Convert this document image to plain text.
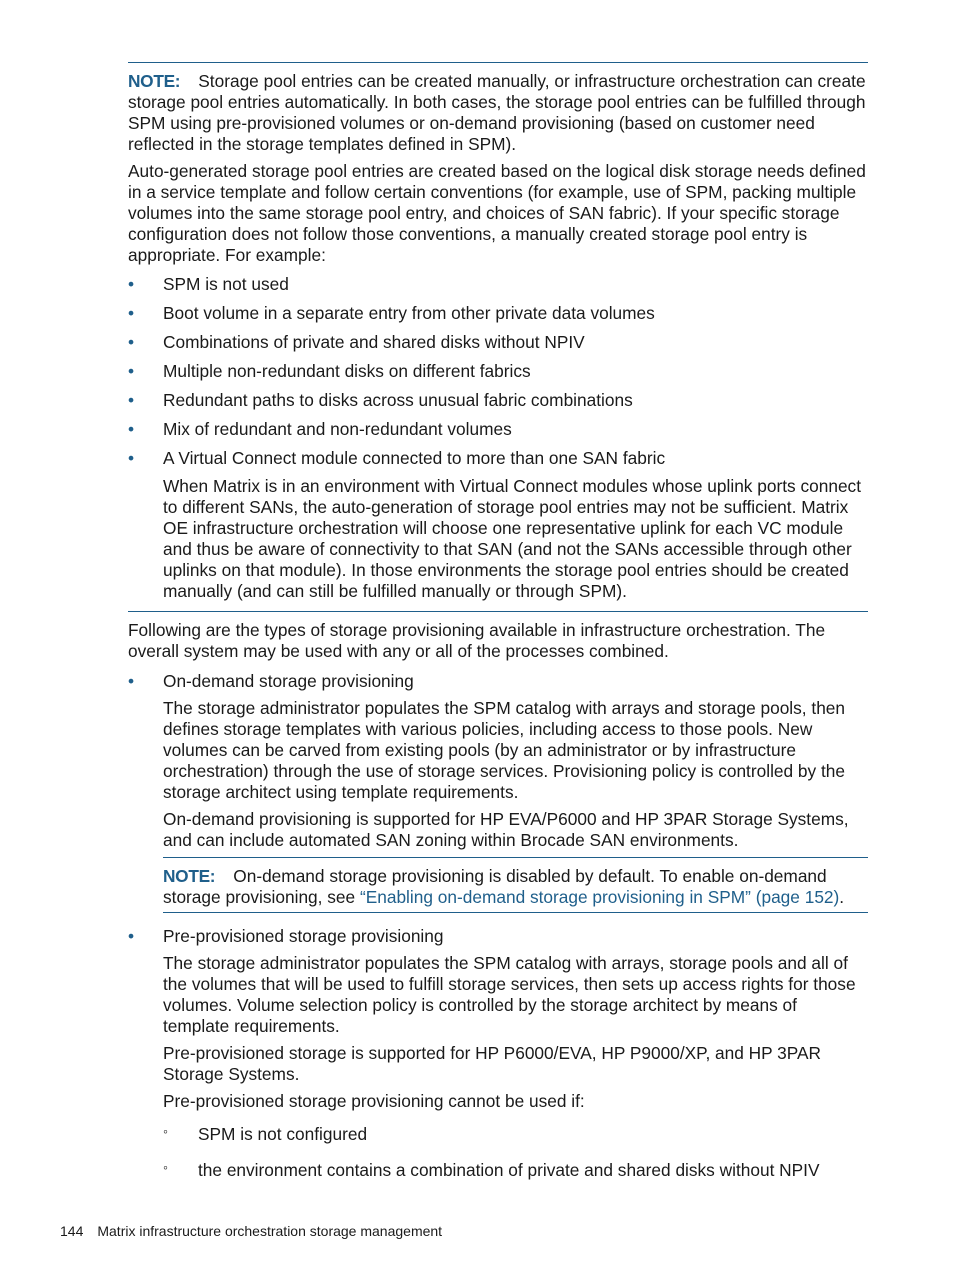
NOTE: Storage pool entries can be created manually, or infrastructure orchestration can create storage pool entries automatically. In both cases, the storage pool entries can be fulfilled through SPM using pre-provisioned volumes or on-demand provisioning (based on customer need reflected in the storage templates defined in SPM).

Auto-generated storage pool entries are created based on the logical disk storage needs defined in a service template and follow certain conventions (for example, use of SPM, packing multiple volumes into the same storage pool entry, and choices of SAN fabric). If your specific storage configuration does not follow those conventions, a manually created storage pool entry is appropriate. For example:

• SPM is not used
• Boot volume in a separate entry from other private data volumes
• Combinations of private and shared disks without NPIV
• Multiple non-redundant disks on different fabrics
• Redundant paths to disks across unusual fabric combinations
• Mix of redundant and non-redundant volumes
• A Virtual Connect module connected to more than one SAN fabric

When Matrix is in an environment with Virtual Connect modules whose uplink ports connect to different SANs, the auto-generation of storage pool entries may not be sufficient. Matrix OE infrastructure orchestration will choose one representative uplink for each VC module and thus be aware of connectivity to that SAN (and not the SANs accessible through other uplinks on that module). In those environments the storage pool entries should be created manually (and can still be fulfilled manually or through SPM).

Following are the types of storage provisioning available in infrastructure orchestration. The overall system may be used with any or all of the processes combined.

• On-demand storage provisioning

The storage administrator populates the SPM catalog with arrays and storage pools, then defines storage templates with various policies, including access to those pools. New volumes can be carved from existing pools (by an administrator or by infrastructure orchestration) through the use of storage services. Provisioning policy is controlled by the storage architect using template requirements.

On-demand provisioning is supported for HP EVA/P6000 and HP 3PAR Storage Systems, and can include automated SAN zoning within Brocade SAN environments.

NOTE: On-demand storage provisioning is disabled by default. To enable on-demand storage provisioning, see “Enabling on-demand storage provisioning in SPM” (page 152).

• Pre-provisioned storage provisioning

The storage administrator populates the SPM catalog with arrays, storage pools and all of the volumes that will be used to fulfill storage services, then sets up access rights for those volumes. Volume selection policy is controlled by the storage architect by means of template requirements.

Pre-provisioned storage is supported for HP P6000/EVA, HP P9000/XP, and HP 3PAR Storage Systems.

Pre-provisioned storage provisioning cannot be used if:

◦ SPM is not configured
◦ the environment contains a combination of private and shared disks without NPIV
144 Matrix infrastructure orchestration storage management
